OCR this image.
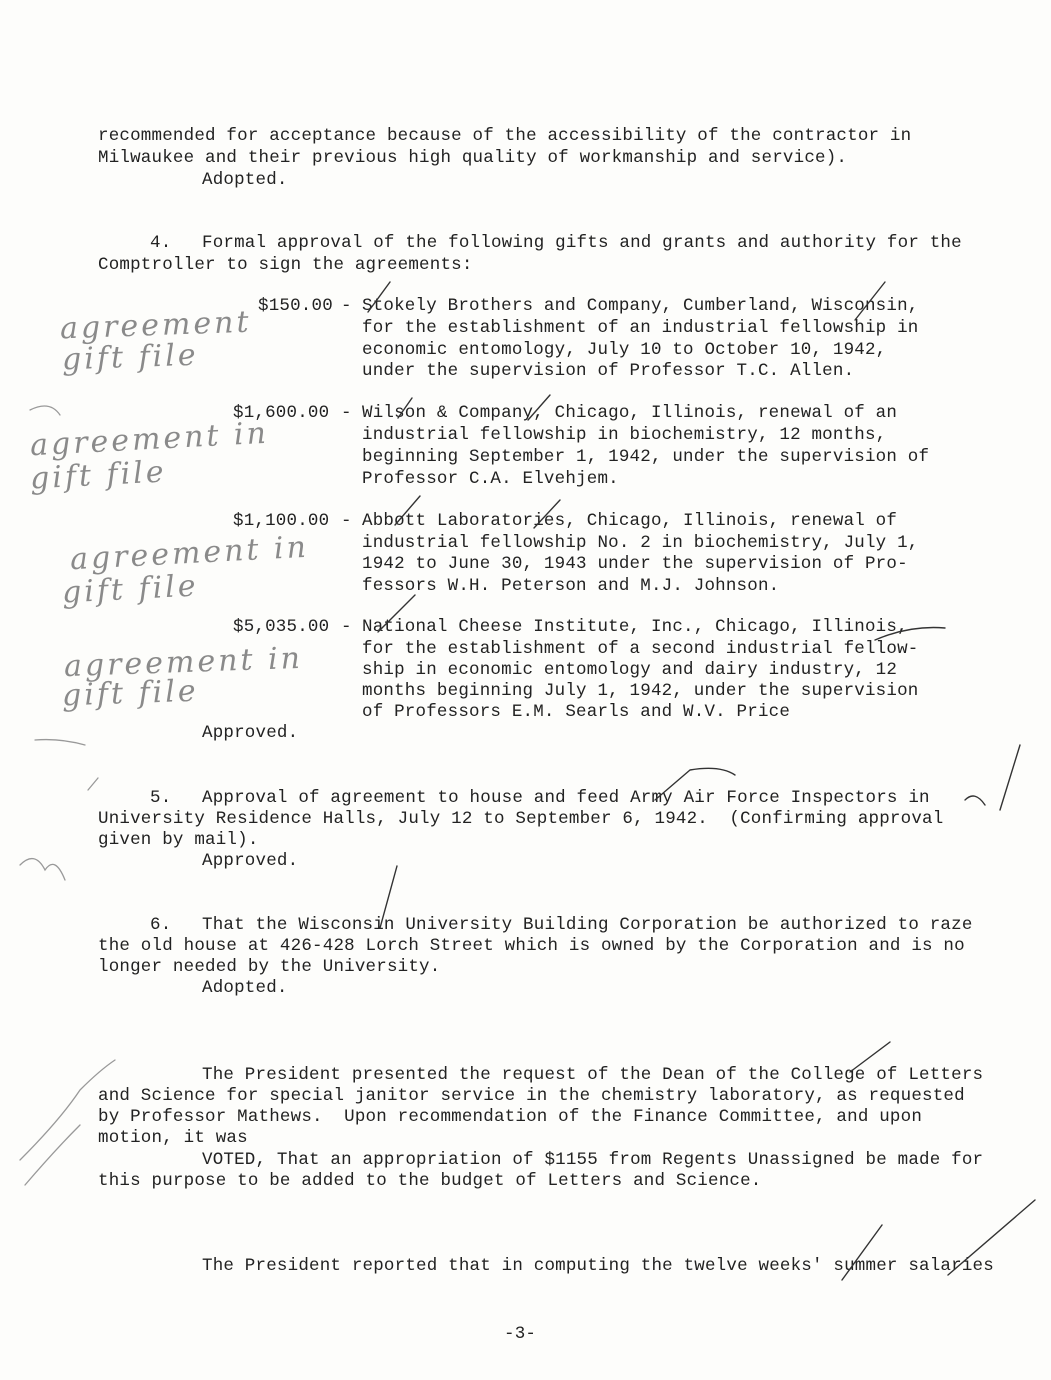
recommended for acceptance because of the accessibility of the contractor in
Milwaukee and their previous high quality of workmanship and service).
Adopted.
4. Formal approval of the following gifts and grants and authority for the
Comptroller to sign the agreements:
$150.00 - Stokely Brothers and Company, Cumberland, Wisconsin,
for the establishment of an industrial fellowship in
economic entomology, July 10 to October 10, 1942,
under the supervision of Professor T.C. Allen.
$1,600.00 - Wilson & Company, Chicago, Illinois, renewal of an
industrial fellowship in biochemistry, 12 months,
beginning September 1, 1942, under the supervision of
Professor C.A. Elvehjem.
$1,100.00 - Abbott Laboratories, Chicago, Illinois, renewal of
industrial fellowship No. 2 in biochemistry, July 1,
1942 to June 30, 1943 under the supervision of Pro-
fessors W.H. Peterson and M.J. Johnson.
$5,035.00 - National Cheese Institute, Inc., Chicago, Illinois,
for the establishment of a second industrial fellow-
ship in economic entomology and dairy industry, 12
months beginning July 1, 1942, under the supervision
of Professors E.M. Searls and W.V. Price
Approved.
5. Approval of agreement to house and feed Army Air Force Inspectors in
University Residence Halls, July 12 to September 6, 1942.  (Confirming approval
given by mail).
Approved.
6. That the Wisconsin University Building Corporation be authorized to raze
the old house at 426-428 Lorch Street which is owned by the Corporation and is no
longer needed by the University.
Adopted.
The President presented the request of the Dean of the College of Letters
and Science for special janitor service in the chemistry laboratory, as requested
by Professor Mathews.  Upon recommendation of the Finance Committee, and upon
motion, it was
VOTED, That an appropriation of $1155 from Regents Unassigned be made for
this purpose to be added to the budget of Letters and Science.
The President reported that in computing the twelve weeks' summer salaries
-3-
agreement
gift file
agreement in
gift file
agreement in
gift file
agreement in
gift file
